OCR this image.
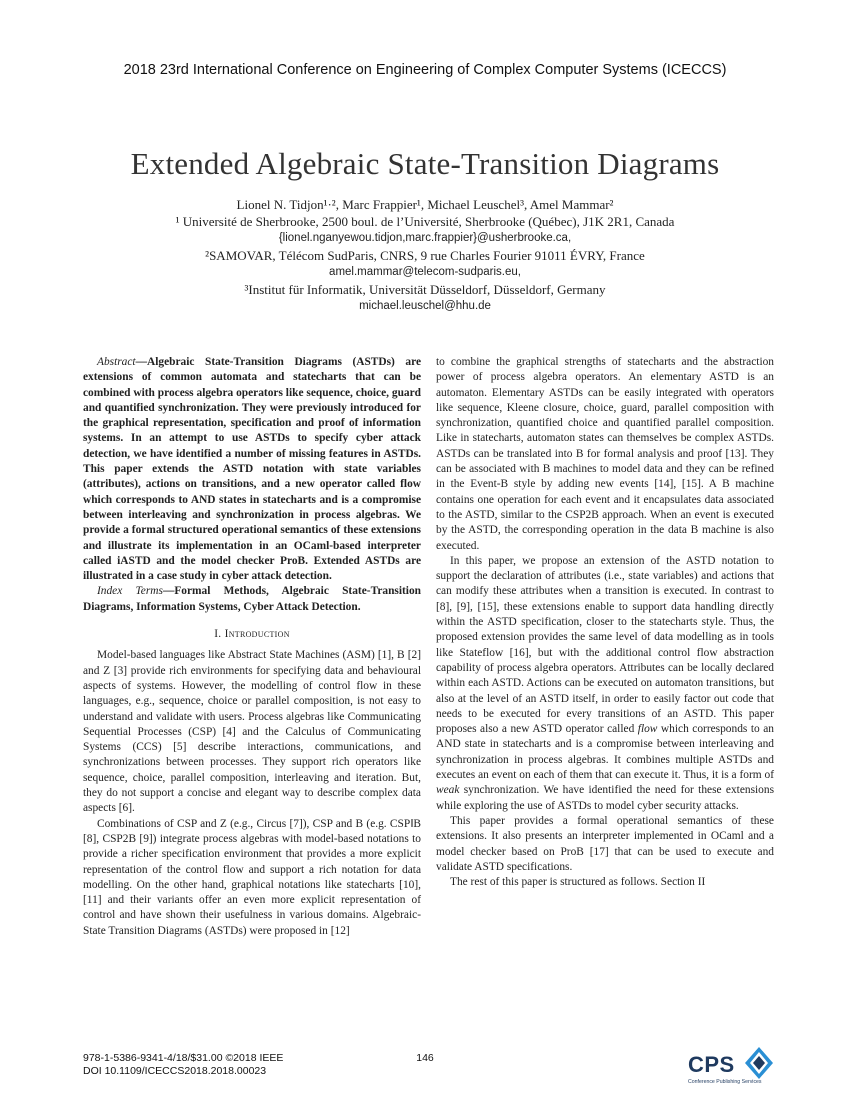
2018 23rd International Conference on Engineering of Complex Computer Systems (ICECCS)
Extended Algebraic State-Transition Diagrams
Lionel N. Tidjon¹·², Marc Frappier¹, Michael Leuschel³, Amel Mammar²
¹ Université de Sherbrooke, 2500 boul. de l’Université, Sherbrooke (Québec), J1K 2R1, Canada
{lionel.nganyewou.tidjon,marc.frappier}@usherbrooke.ca,
²SAMOVAR, Télécom SudParis, CNRS, 9 rue Charles Fourier 91011 ÉVRY, France
amel.mammar@telecom-sudparis.eu,
³Institut für Informatik, Universität Düsseldorf, Düsseldorf, Germany
michael.leuschel@hhu.de

Abstract—Algebraic State-Transition Diagrams (ASTDs) are extensions of common automata and statecharts that can be combined with process algebra operators like sequence, choice, guard and quantified synchronization. They were previously introduced for the graphical representation, specification and proof of information systems. In an attempt to use ASTDs to specify cyber attack detection, we have identified a number of missing features in ASTDs. This paper extends the ASTD notation with state variables (attributes), actions on transitions, and a new operator called flow which corresponds to AND states in statecharts and is a compromise between interleaving and synchronization in process algebras. We provide a formal structured operational semantics of these extensions and illustrate its implementation in an OCaml-based interpreter called iASTD and the model checker ProB. Extended ASTDs are illustrated in a case study in cyber attack detection.

Index Terms—Formal Methods, Algebraic State-Transition Diagrams, Information Systems, Cyber Attack Detection.

I. Introduction

Model-based languages like Abstract State Machines (ASM) [1], B [2] and Z [3] provide rich environments for specifying data and behavioural aspects of systems. However, the modelling of control flow in these languages, e.g., sequence, choice or parallel composition, is not easy to understand and validate with users. Process algebras like Communicating Sequential Processes (CSP) [4] and the Calculus of Communicating Systems (CCS) [5] describe interactions, communications, and synchronizations between processes. They support rich operators like sequence, choice, parallel composition, interleaving and iteration. But, they do not support a concise and elegant way to describe complex data aspects [6].

Combinations of CSP and Z (e.g., Circus [7]), CSP and B (e.g. CSP‖B [8], CSP2B [9]) integrate process algebras with model-based notations to provide a richer specification environment that provides a more explicit representation of the control flow and support a rich notation for data modelling. On the other hand, graphical notations like statecharts [10], [11] and their variants offer an even more explicit representation of control and have shown their usefulness in various domains. Algebraic-State Transition Diagrams (ASTDs) were proposed in [12]

to combine the graphical strengths of statecharts and the abstraction power of process algebra operators. An elementary ASTD is an automaton. Elementary ASTDs can be easily integrated with operators like sequence, Kleene closure, choice, guard, parallel composition with synchronization, quantified choice and quantified parallel composition. Like in statecharts, automaton states can themselves be complex ASTDs. ASTDs can be translated into B for formal analysis and proof [13]. They can be associated with B machines to model data and they can be refined in the Event-B style by adding new events [14], [15]. A B machine contains one operation for each event and it encapsulates data associated to the ASTD, similar to the CSP2B approach. When an event is executed by the ASTD, the corresponding operation in the data B machine is also executed.

In this paper, we propose an extension of the ASTD notation to support the declaration of attributes (i.e., state variables) and actions that can modify these attributes when a transition is executed. In contrast to [8], [9], [15], these extensions enable to support data handling directly within the ASTD specification, closer to the statecharts style. Thus, the proposed extension provides the same level of data modelling as in tools like Stateflow [16], but with the additional control flow abstraction capability of process algebra operators. Attributes can be locally declared within each ASTD. Actions can be executed on automaton transitions, but also at the level of an ASTD itself, in order to easily factor out code that needs to be executed for every transitions of an ASTD. This paper proposes also a new ASTD operator called flow which corresponds to an AND state in statecharts and is a compromise between interleaving and synchronization in process algebras. It combines multiple ASTDs and executes an event on each of them that can execute it. Thus, it is a form of weak synchronization. We have identified the need for these extensions while exploring the use of ASTDs to model cyber security attacks.

This paper provides a formal operational semantics of these extensions. It also presents an interpreter implemented in OCaml and a model checker based on ProB [17] that can be used to execute and validate ASTD specifications.

The rest of this paper is structured as follows. Section II

978-1-5386-9341-4/18/$31.00 ©2018 IEEE
DOI 10.1109/ICECCS2018.2018.00023
146	CPS
Conference Publishing Services
